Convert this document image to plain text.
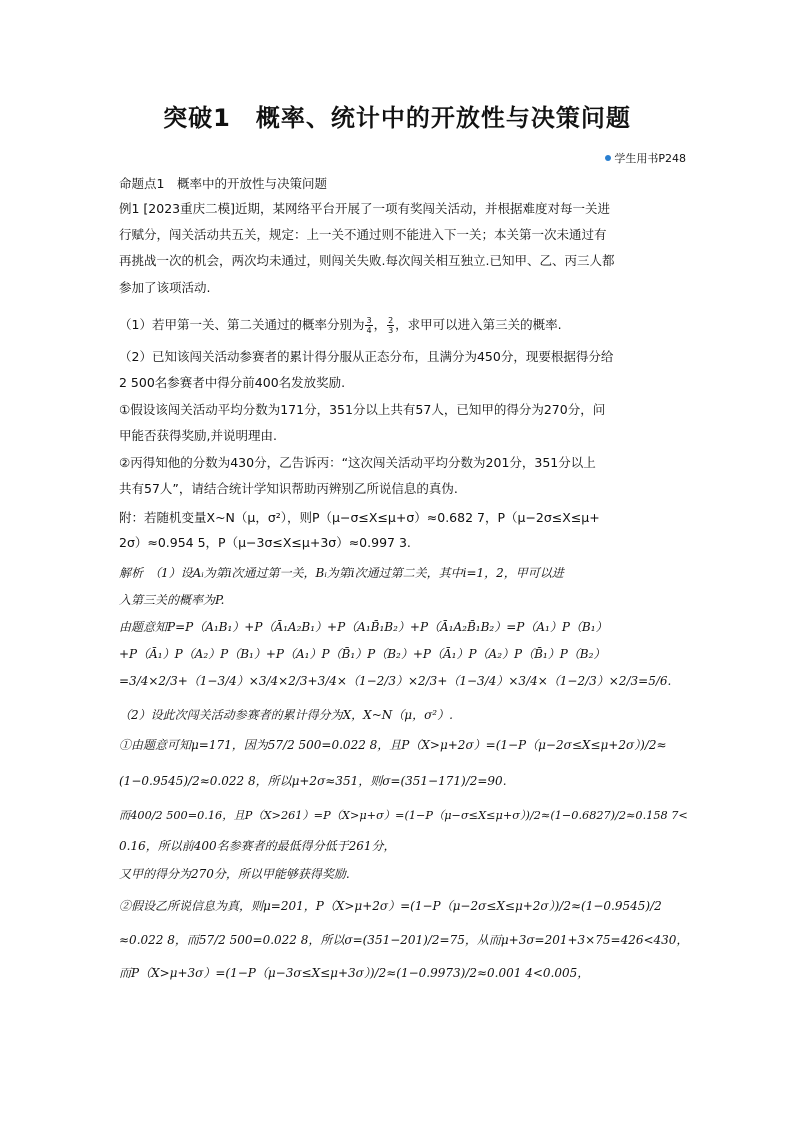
突破1　概率、统计中的开放性与决策问题
学生用书P248
命题点1　概率中的开放性与决策问题
例1 [2023重庆二模]近期，某网络平台开展了一项有奖闯关活动，并根据难度对每一关进
行赋分，闯关活动共五关，规定：上一关不通过则不能进入下一关；本关第一次未通过有
再挑战一次的机会，两次均未通过，则闯关失败.每次闯关相互独立.已知甲、乙、丙三人都
参加了该项活动.
（1）若甲第一关、第二关通过的概率分别为 $\frac{3}{4}$ ， $\frac{2}{3}$ ，求甲可以进入第三关的概率.
（2）已知该闯关活动参赛者的累计得分服从正态分布，且满分为450分，现要根据得分给
2 500名参赛者中得分前400名发放奖励.
①假设该闯关活动平均分数为171分，351分以上共有57人，已知甲的得分为270分，问
甲能否获得奖励,并说明理由.
②丙得知他的分数为430分，乙告诉丙：“这次闯关活动平均分数为201分，351分以上
共有57人”，请结合统计学知识帮助丙辨别乙所说信息的真伪.
附：若随机变量X~N（μ，σ²），则P（μ−σ≤X≤μ+σ）≈0.682 7，P（μ−2σ≤X≤μ+
2σ）≈0.954 5，P（μ−3σ≤X≤μ+3σ）≈0.997 3.
解析　（1）设Aᵢ为第i次通过第一关，Bᵢ为第i次通过第二关，其中i=1，2，甲可以进
入第三关的概率为P.
由题意知P=P（A₁B₁）+P（Ā₁A₂B₁）+P（A₁B̄₁B₂）+P（Ā₁A₂B̄₁B₂）=P（A₁）P（B₁）
+P（Ā₁）P（A₂）P（B₁）+P（A₁）P（B̄₁）P（B₂）+P（Ā₁）P（A₂）P（B̄₁）P（B₂）
=3/4×2/3+（1−3/4）×3/4×2/3+3/4×（1−2/3）×2/3+（1−3/4）×3/4×（1−2/3）×2/3=5/6.
（2）设此次闯关活动参赛者的累计得分为X，X~N（μ，σ²）.
①由题意可知μ=171，因为57/2 500=0.022 8，且P（X>μ+2σ）=(1−P（μ−2σ≤X≤μ+2σ）)/2≈
(1−0.9545)/2≈0.022 8，所以μ+2σ≈351，则σ=(351−171)/2=90.
而400/2 500=0.16，且P（X>261）=P（X>μ+σ）=(1−P（μ−σ≤X≤μ+σ）)/2≈(1−0.6827)/2≈0.158 7<
0.16，所以前400名参赛者的最低得分低于261分，
又甲的得分为270分，所以甲能够获得奖励.
②假设乙所说信息为真，则μ=201，P（X>μ+2σ）=(1−P（μ−2σ≤X≤μ+2σ）)/2≈(1−0.9545)/2
≈0.022 8，而57/2 500=0.022 8，所以σ=(351−201)/2=75，从而μ+3σ=201+3×75=426<430，
而P（X>μ+3σ）=(1−P（μ−3σ≤X≤μ+3σ）)/2≈(1−0.9973)/2≈0.001 4<0.005，
